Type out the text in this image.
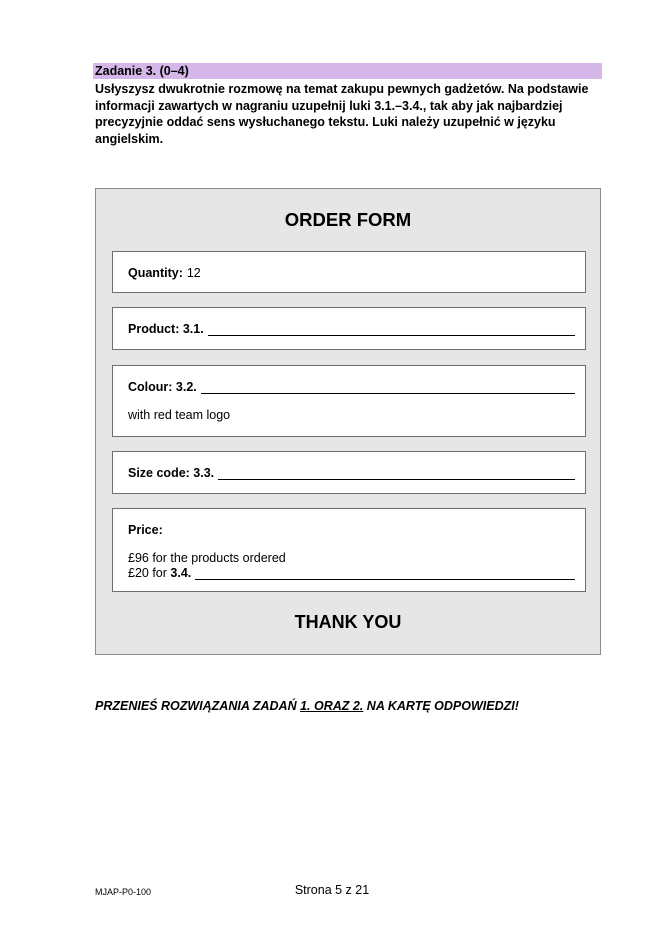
Zadanie 3. (0–4)
Usłyszysz dwukrotnie rozmowę na temat zakupu pewnych gadżetów. Na podstawie informacji zawartych w nagraniu uzupełnij luki 3.1.–3.4., tak aby jak najbardziej precyzyjnie oddać sens wysłuchanego tekstu. Luki należy uzupełnić w języku angielskim.
ORDER FORM
Quantity: 12
Product: 3.1.
Colour: 3.2.
with red team logo
Size code: 3.3.
Price:
£96 for the products ordered
£20 for 3.4.
THANK YOU
PRZENIEŚ ROZWIĄZANIA ZADAŃ 1. ORAZ 2. NA KARTĘ ODPOWIEDZI!
MJAP-P0-100	Strona 5 z 21
